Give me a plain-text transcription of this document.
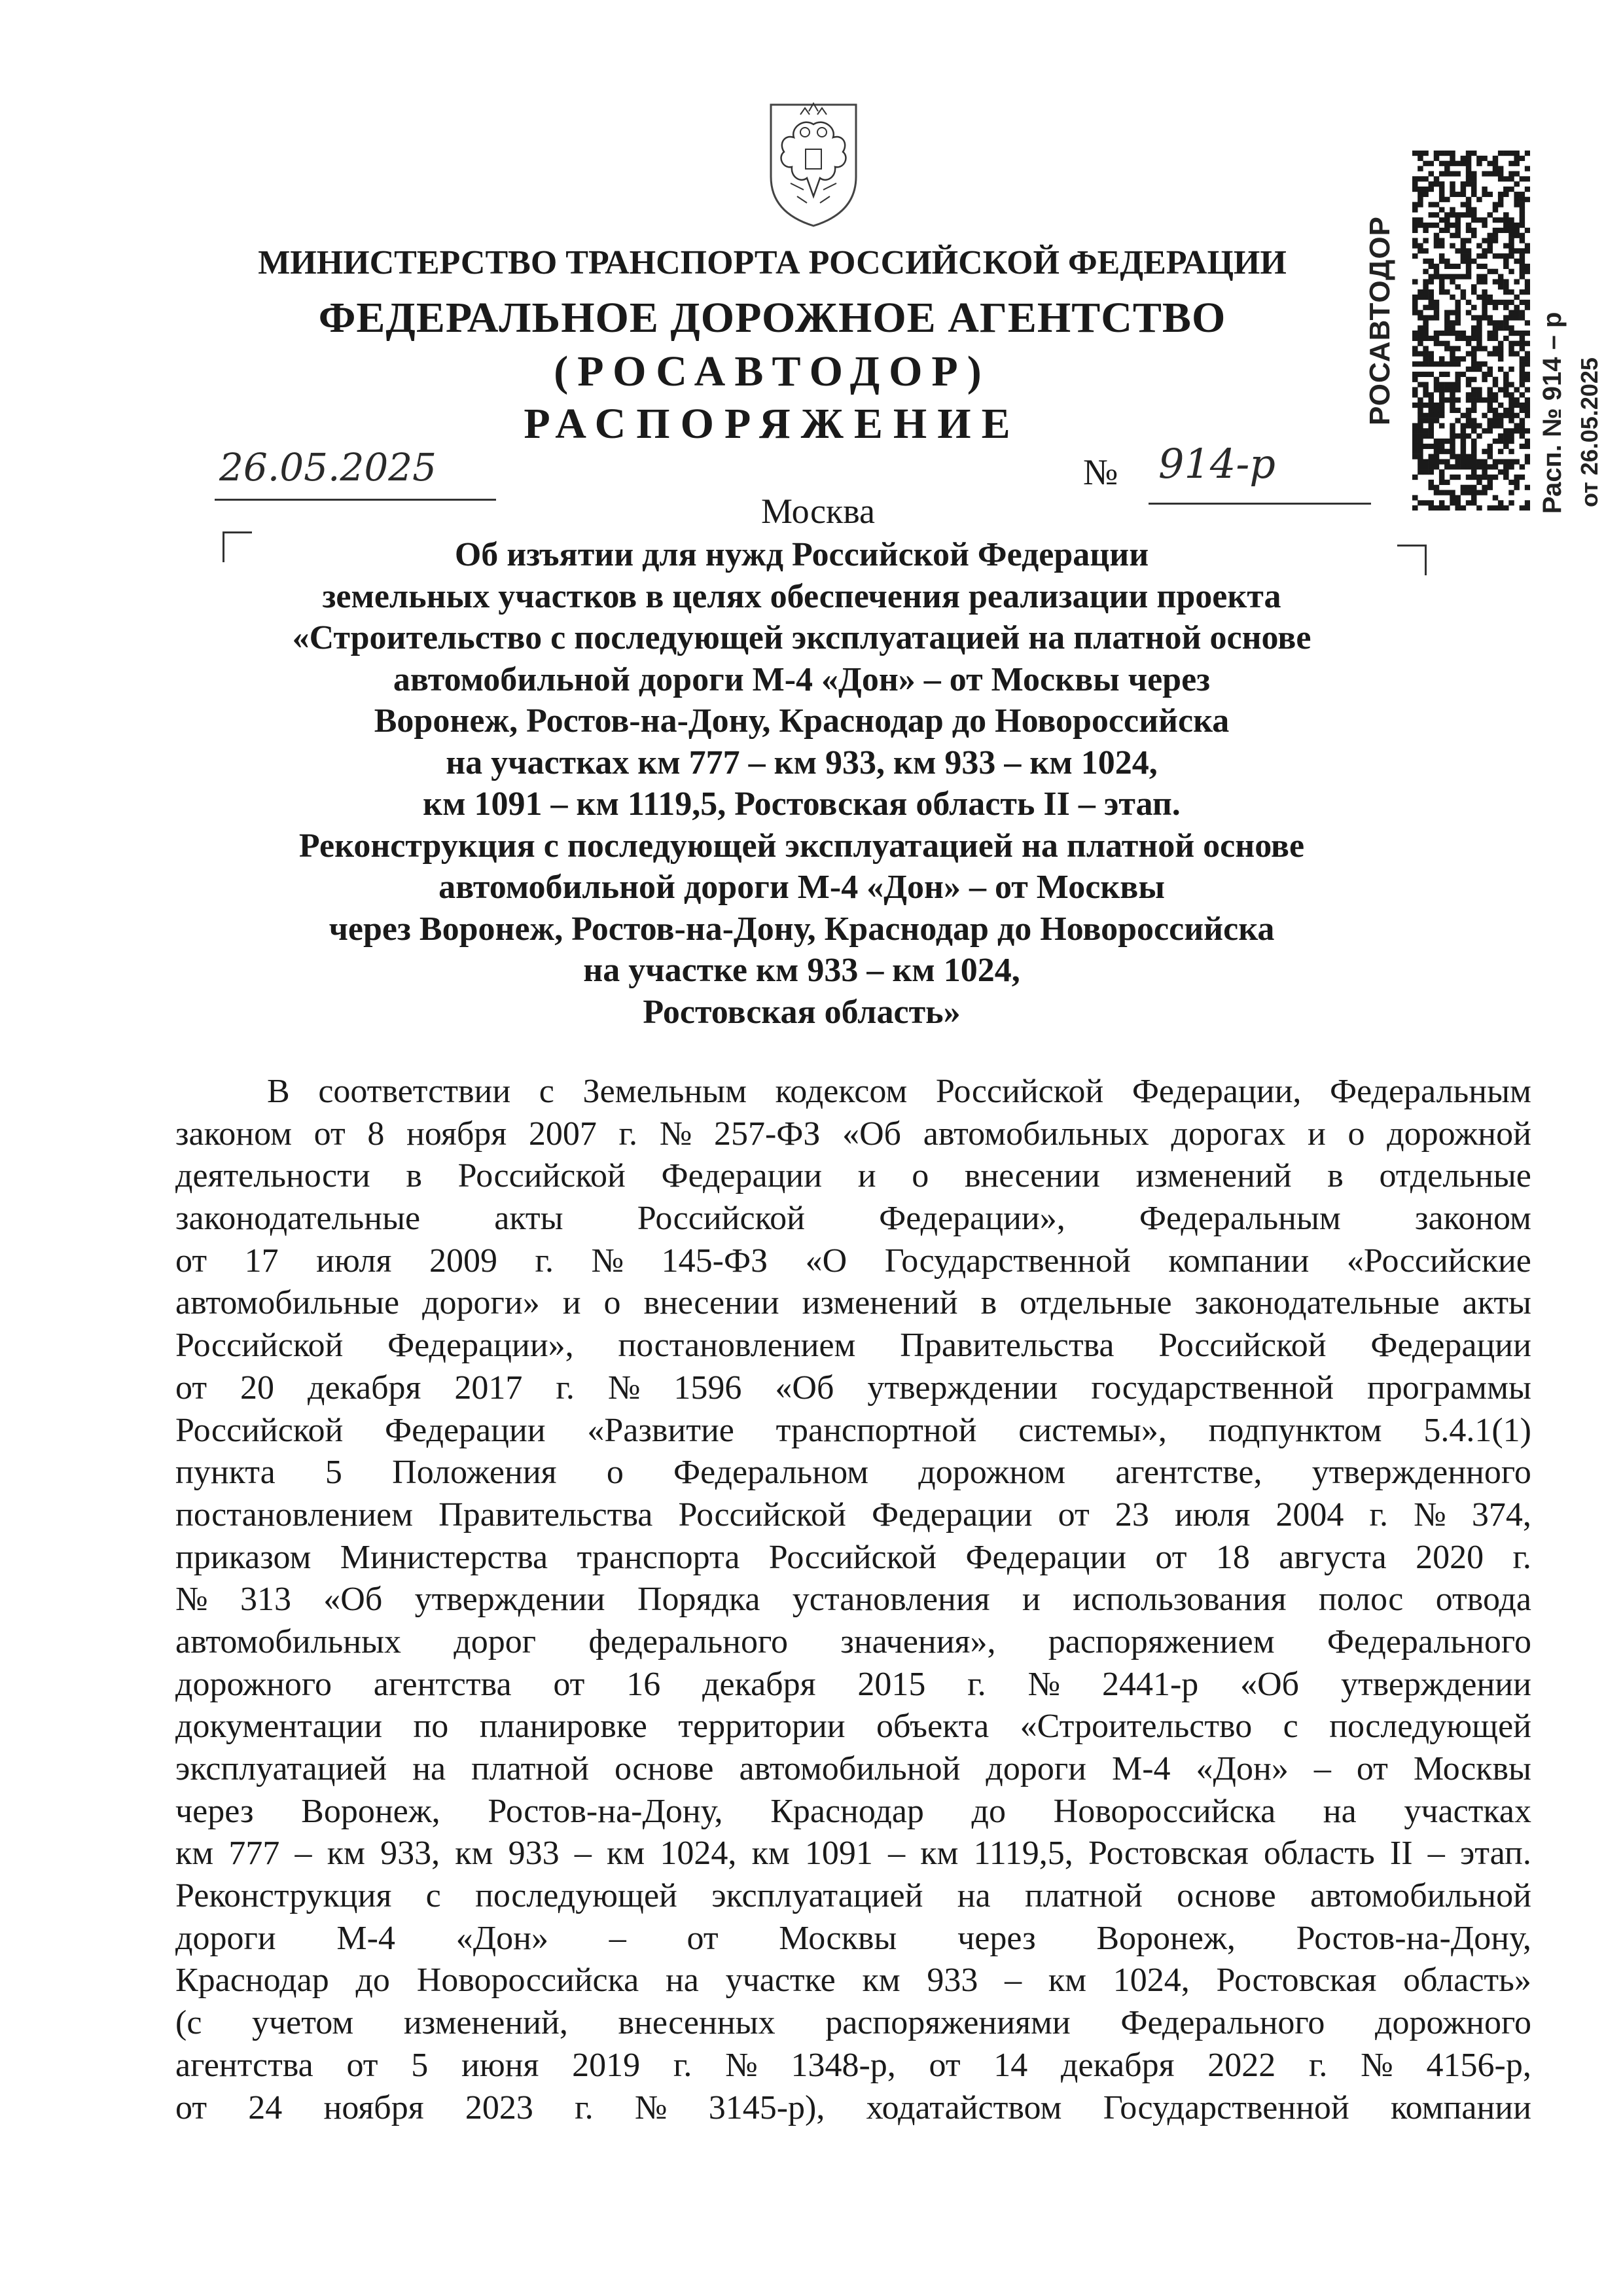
РОСАВТОДОР	Расп. № 914 – р от 26.05.2025
МИНИСТЕРСТВО ТРАНСПОРТА РОССИЙСКОЙ ФЕДЕРАЦИИ
ФЕДЕРАЛЬНОЕ ДОРОЖНОЕ АГЕНТСТВО
(РОСАВТОДОР)
РАСПОРЯЖЕНИЕ
26.05.2025	№ 914-р
Москва
Об изъятии для нужд Российской Федерации
земельных участков в целях обеспечения реализации проекта
«Строительство с последующей эксплуатацией на платной основе
автомобильной дороги М-4 «Дон» – от Москвы через
Воронеж, Ростов-на-Дону, Краснодар до Новороссийска
на участках км 777 – км 933, км 933 – км 1024,
км 1091 – км 1119,5, Ростовская область II – этап.
Реконструкция с последующей эксплуатацией на платной основе
автомобильной дороги М-4 «Дон» – от Москвы
через Воронеж, Ростов-на-Дону, Краснодар до Новороссийска
на участке км 933 – км 1024,
Ростовская область»
В соответствии с Земельным кодексом Российской Федерации, Федеральным
законом от 8 ноября 2007 г. № 257-ФЗ «Об автомобильных дорогах и о дорожной
деятельности в Российской Федерации и о внесении изменений в отдельные
законодательные акты Российской Федерации», Федеральным законом
от 17 июля 2009 г. № 145-ФЗ «О Государственной компании «Российские
автомобильные дороги» и о внесении изменений в отдельные законодательные акты
Российской Федерации», постановлением Правительства Российской Федерации
от 20 декабря 2017 г. № 1596 «Об утверждении государственной программы
Российской Федерации «Развитие транспортной системы», подпунктом 5.4.1(1)
пункта 5 Положения о Федеральном дорожном агентстве, утвержденного
постановлением Правительства Российской Федерации от 23 июля 2004 г. № 374,
приказом Министерства транспорта Российской Федерации от 18 августа 2020 г.
№ 313 «Об утверждении Порядка установления и использования полос отвода
автомобильных дорог федерального значения», распоряжением Федерального
дорожного агентства от 16 декабря 2015 г. № 2441-р «Об утверждении
документации по планировке территории объекта «Строительство с последующей
эксплуатацией на платной основе автомобильной дороги М-4 «Дон» – от Москвы
через Воронеж, Ростов-на-Дону, Краснодар до Новороссийска на участках
км 777 – км 933, км 933 – км 1024, км 1091 – км 1119,5, Ростовская область II – этап.
Реконструкция с последующей эксплуатацией на платной основе автомобильной
дороги М-4 «Дон» – от Москвы через Воронеж, Ростов-на-Дону,
Краснодар до Новороссийска на участке км 933 – км 1024, Ростовская область»
(с учетом изменений, внесенных распоряжениями Федерального дорожного
агентства от 5 июня 2019 г. № 1348-р, от 14 декабря 2022 г. № 4156-р,
от 24 ноября 2023 г. № 3145-р), ходатайством Государственной компании
